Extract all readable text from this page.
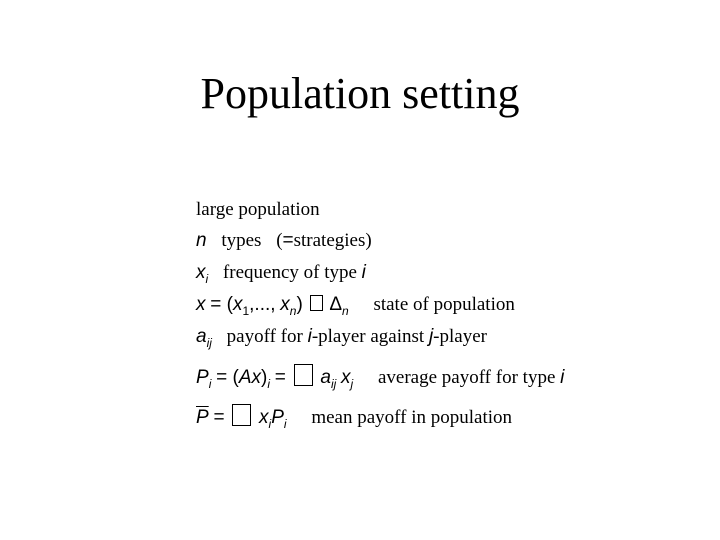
Population setting
large population
n types (=strategies)
$x_i$ frequency of type i
$x = (x_1$,..., $x_n$) $\Delta_n$ state of population
$a_{ij}$ payoff for i-player against j-player
$P_i = (Ax)_i = a_{ij}$ $x_j$ average payoff for type i
$\overline{P} = x_iP_i$ mean payoff in population
